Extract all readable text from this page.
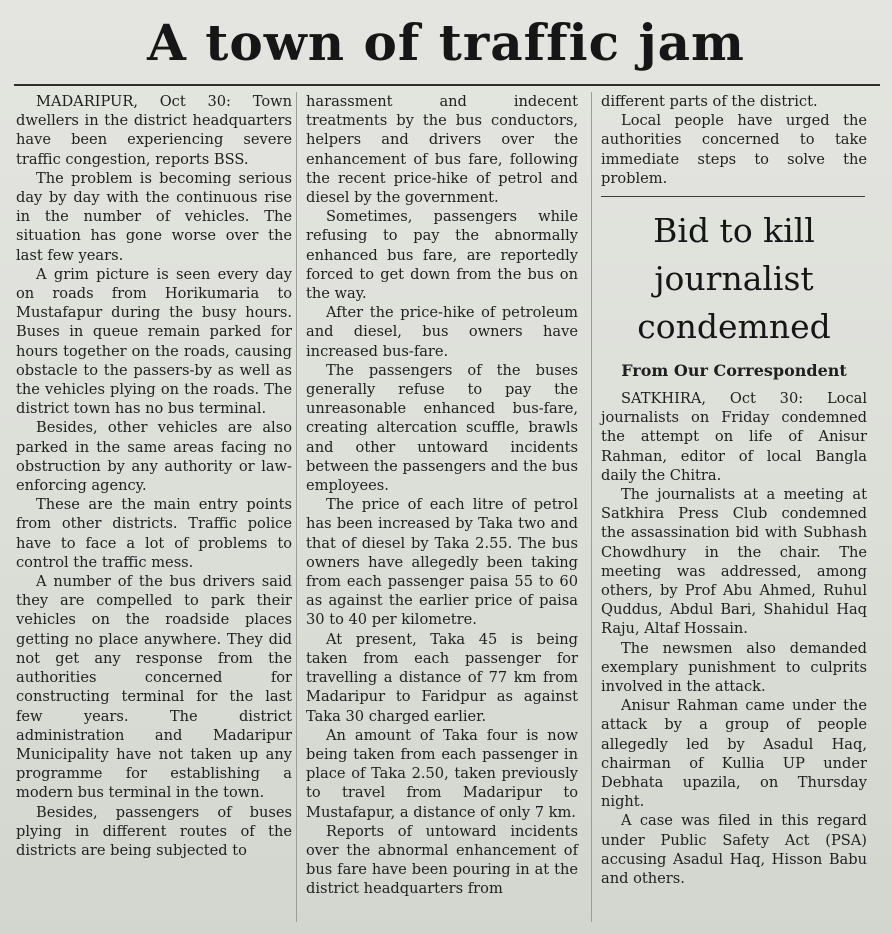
A town of traffic jam

MADARIPUR, Oct 30: Town dwellers in the district headquarters have been experiencing severe traffic congestion, reports BSS.

The problem is becoming serious day by day with the continuous rise in the number of vehicles. The situation has gone worse over the last few years.

A grim picture is seen every day on roads from Horikumaria to Mustafapur during the busy hours. Buses in queue remain parked for hours together on the roads, causing obstacle to the passers-by as well as the vehicles plying on the roads. The district town has no bus terminal.

Besides, other vehicles are also parked in the same areas facing no obstruction by any authority or law-enforcing agency.

These are the main entry points from other districts. Traffic police have to face a lot of problems to control the traffic mess.

A number of the bus drivers said they are compelled to park their vehicles on the roadside places getting no place anywhere. They did not get any response from the authorities concerned for constructing terminal for the last few years. The district administration and Madaripur Municipality have not taken up any programme for establishing a modern bus terminal in the town.

Besides, passengers of buses plying in different routes of the districts are being subjected to

harassment and indecent treatments by the bus conductors, helpers and drivers over the enhancement of bus fare, following the recent price-hike of petrol and diesel by the government.

Sometimes, passengers while refusing to pay the abnormally enhanced bus fare, are reportedly forced to get down from the bus on the way.

After the price-hike of petroleum and diesel, bus owners have increased bus-fare.

The passengers of the buses generally refuse to pay the unreasonable enhanced bus-fare, creating altercation scuffle, brawls and other untoward incidents between the passengers and the bus employees.

The price of each litre of petrol has been increased by Taka two and that of diesel by Taka 2.55. The bus owners have allegedly been taking from each passenger paisa 55 to 60 as against the earlier price of paisa 30 to 40 per kilometre.

At present, Taka 45 is being taken from each passenger for travelling a distance of 77 km from Madaripur to Faridpur as against Taka 30 charged earlier.

An amount of Taka four is now being taken from each passenger in place of Taka 2.50, taken previously to travel from Madaripur to Mustafapur, a distance of only 7 km.

Reports of untoward incidents over the abnormal enhancement of bus fare have been pouring in at the district headquarters from

different parts of the district.

Local people have urged the authorities concerned to take immediate steps to solve the problem.

Bid to kill journalist condemned
From Our Correspondent

SATKHIRA, Oct 30: Local journalists on Friday condemned the attempt on life of Anisur Rahman, editor of local Bangla daily the Chitra.

The journalists at a meeting at Satkhira Press Club condemned the assassination bid with Subhash Chowdhury in the chair. The meeting was addressed, among others, by Prof Abu Ahmed, Ruhul Quddus, Abdul Bari, Shahidul Haq Raju, Altaf Hossain.

The newsmen also demanded exemplary punishment to culprits involved in the attack.

Anisur Rahman came under the attack by a group of people allegedly led by Asadul Haq, chairman of Kullia UP under Debhata upazila, on Thursday night.

A case was filed in this regard under Public Safety Act (PSA) accusing Asadul Haq, Hisson Babu and others.
